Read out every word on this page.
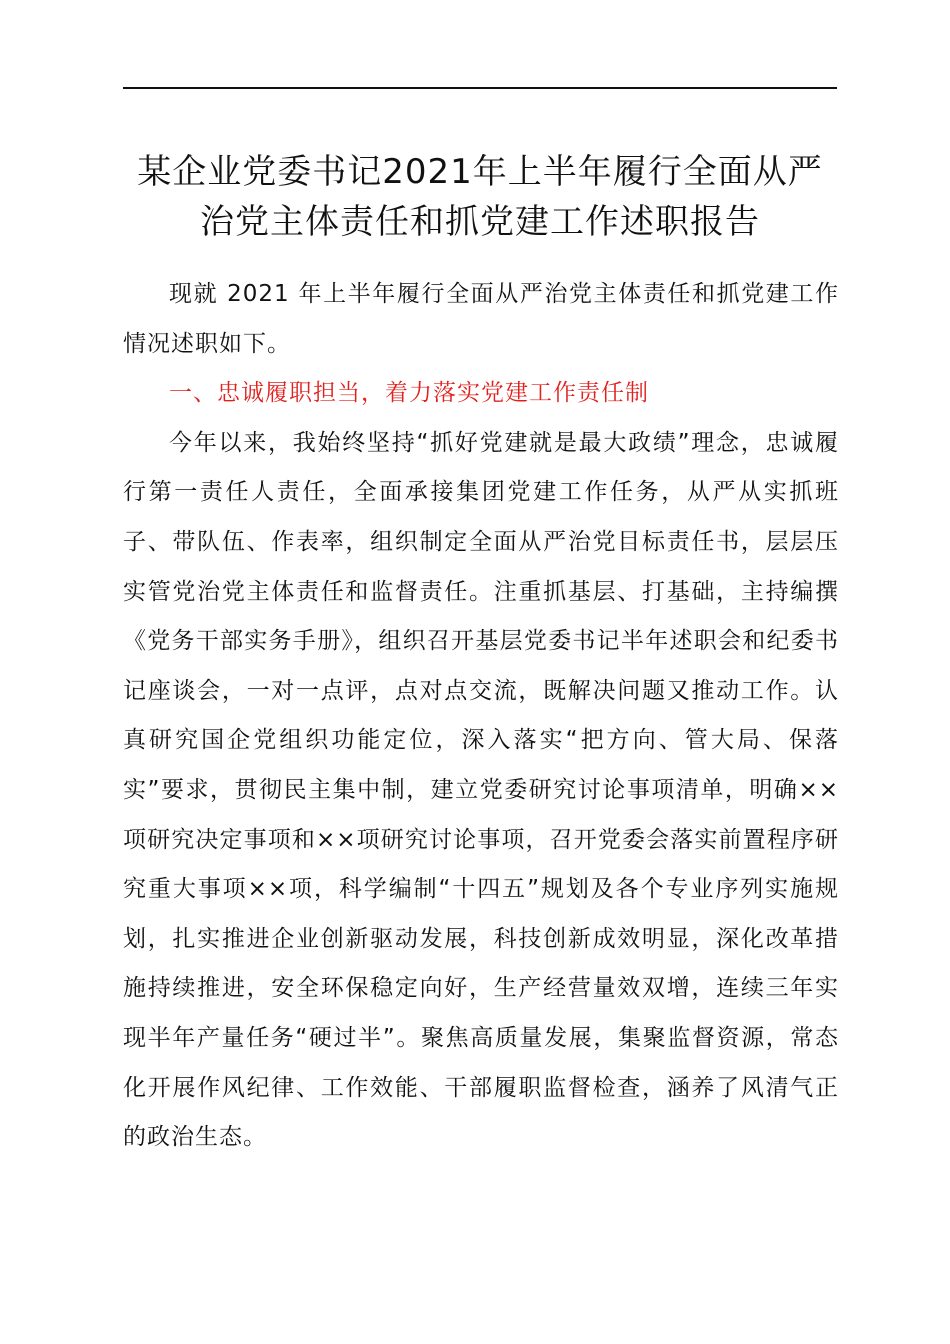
某企业党委书记2021年上半年履行全面从严
治党主体责任和抓党建工作述职报告

现就 2021 年上半年履行全面从严治党主体责任和抓党建工作情况述职如下。

一、忠诚履职担当，着力落实党建工作责任制

今年以来，我始终坚持“抓好党建就是最大政绩”理念，忠诚履行第一责任人责任，全面承接集团党建工作任务，从严从实抓班子、带队伍、作表率，组织制定全面从严治党目标责任书，层层压实管党治党主体责任和监督责任。注重抓基层、打基础，主持编撰《党务干部实务手册》，组织召开基层党委书记半年述职会和纪委书记座谈会，一对一点评，点对点交流，既解决问题又推动工作。认真研究国企党组织功能定位，深入落实“把方向、管大局、保落实”要求，贯彻民主集中制，建立党委研究讨论事项清单，明确××项研究决定事项和××项研究讨论事项，召开党委会落实前置程序研究重大事项××项，科学编制“十四五”规划及各个专业序列实施规划，扎实推进企业创新驱动发展，科技创新成效明显，深化改革措施持续推进，安全环保稳定向好，生产经营量效双增，连续三年实现半年产量任务“硬过半”。聚焦高质量发展，集聚监督资源，常态化开展作风纪律、工作效能、干部履职监督检查，涵养了风清气正的政治生态。
